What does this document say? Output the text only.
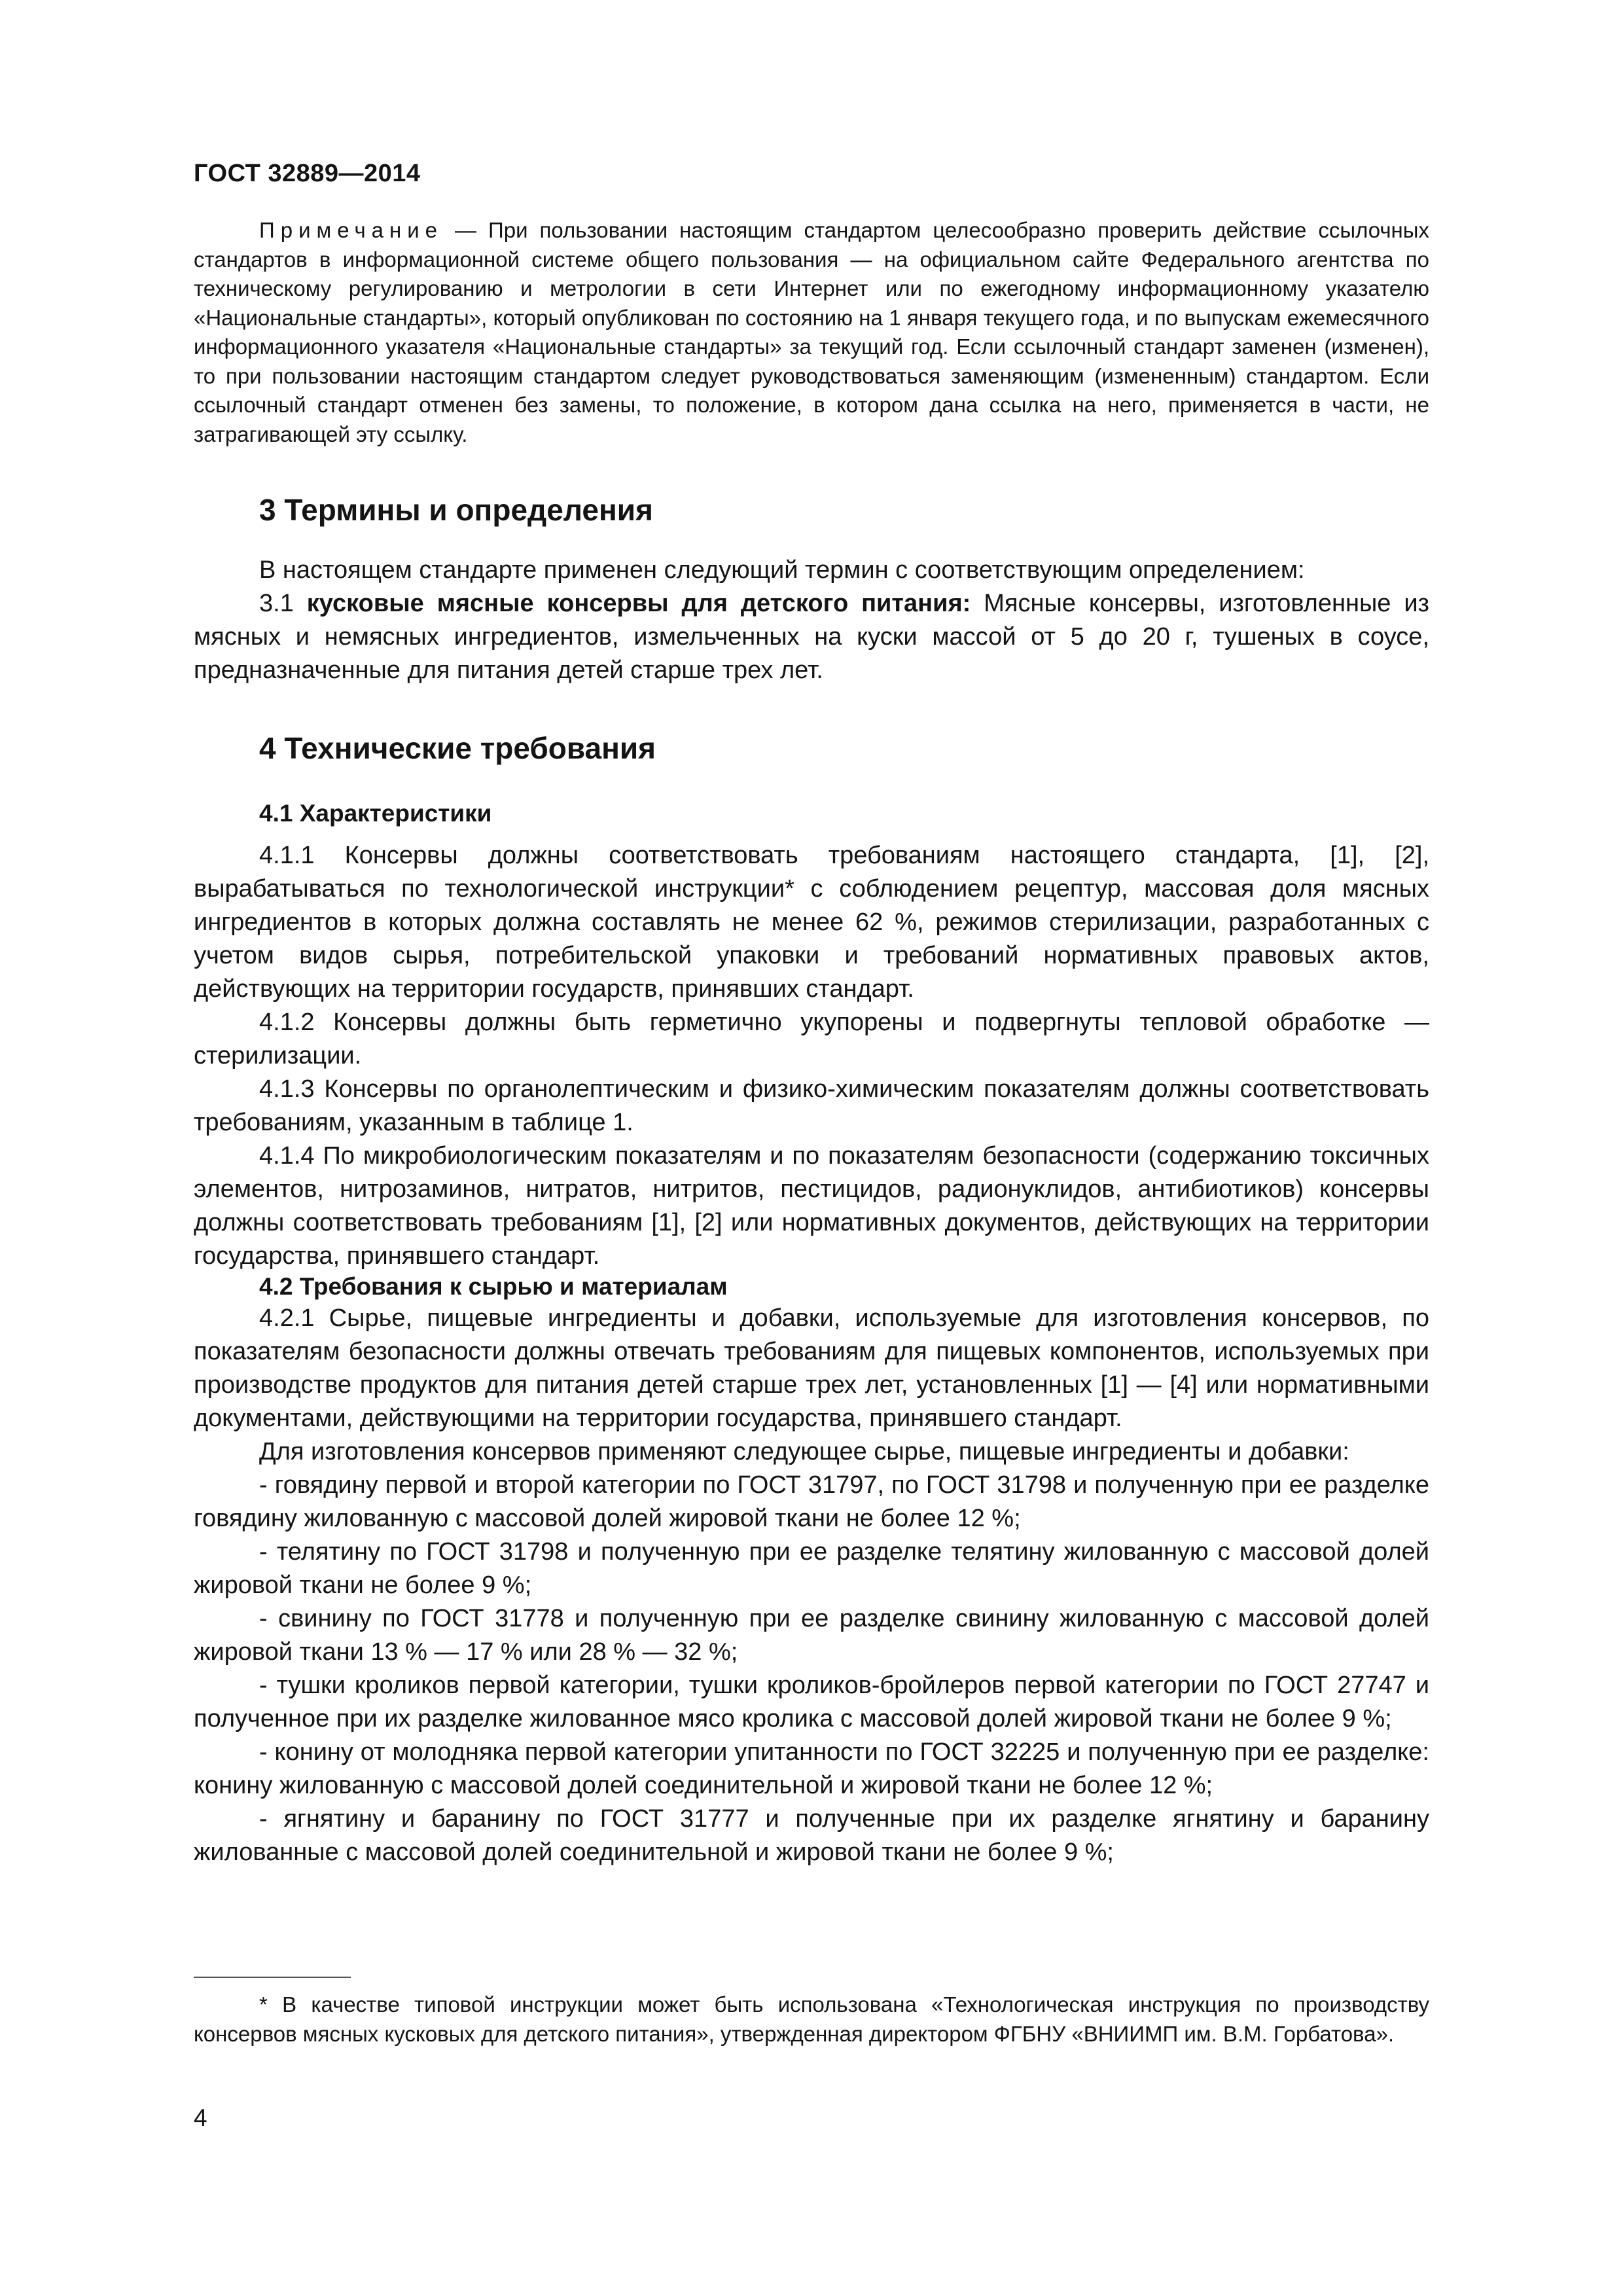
ГОСТ 32889—2014

Примечание — При пользовании настоящим стандартом целесообразно проверить действие ссылочных стандартов в информационной системе общего пользования — на официальном сайте Федерального агентства по техническому регулированию и метрологии в сети Интернет или по ежегодному информационному указателю «Национальные стандарты», который опубликован по состоянию на 1 января текущего года, и по выпускам ежемесячного информационного указателя «Национальные стандарты» за текущий год. Если ссылочный стандарт заменен (изменен), то при пользовании настоящим стандартом следует руководствоваться заменяющим (измененным) стандартом. Если ссылочный стандарт отменен без замены, то положение, в котором дана ссылка на него, применяется в части, не затрагивающей эту ссылку.

3 Термины и определения

В настоящем стандарте применен следующий термин с соответствующим определением:

3.1 кусковые мясные консервы для детского питания: Мясные консервы, изготовленные из мясных и немясных ингредиентов, измельченных на куски массой от 5 до 20 г, тушеных в соусе, предназначенные для питания детей старше трех лет.

4 Технические требования
4.1 Характеристики

4.1.1 Консервы должны соответствовать требованиям настоящего стандарта, [1], [2], вырабатываться по технологической инструкции* с соблюдением рецептур, массовая доля мясных ингредиентов в которых должна составлять не менее 62 %, режимов стерилизации, разработанных с учетом видов сырья, потребительской упаковки и требований нормативных правовых актов, действующих на территории государств, принявших стандарт.

4.1.2 Консервы должны быть герметично укупорены и подвергнуты тепловой обработке — стерилизации.

4.1.3 Консервы по органолептическим и физико-химическим показателям должны соответствовать требованиям, указанным в таблице 1.

4.1.4 По микробиологическим показателям и по показателям безопасности (содержанию токсичных элементов, нитрозаминов, нитратов, нитритов, пестицидов, радионуклидов, антибиотиков) консервы должны соответствовать требованиям [1], [2] или нормативных документов, действующих на территории государства, принявшего стандарт.

4.2 Требования к сырью и материалам

4.2.1 Сырье, пищевые ингредиенты и добавки, используемые для изготовления консервов, по показателям безопасности должны отвечать требованиям для пищевых компонентов, используемых при производстве продуктов для питания детей старше трех лет, установленных [1] — [4] или нормативными документами, действующими на территории государства, принявшего стандарт.

Для изготовления консервов применяют следующее сырье, пищевые ингредиенты и добавки:

- говядину первой и второй категории по ГОСТ 31797, по ГОСТ 31798 и полученную при ее разделке говядину жилованную с массовой долей жировой ткани не более 12 %;

- телятину по ГОСТ 31798 и полученную при ее разделке телятину жилованную с массовой долей жировой ткани не более 9 %;

- свинину по ГОСТ 31778 и полученную при ее разделке свинину жилованную с массовой долей жировой ткани 13 % — 17 % или 28 % — 32 %;

- тушки кроликов первой категории, тушки кроликов-бройлеров первой категории по ГОСТ 27747 и полученное при их разделке жилованное мясо кролика с массовой долей жировой ткани не более 9 %;

- конину от молодняка первой категории упитанности по ГОСТ 32225 и полученную при ее разделке: конину жилованную с массовой долей соединительной и жировой ткани не более 12 %;

- ягнятину и баранину по ГОСТ 31777 и полученные при их разделке ягнятину и баранину жилованные с массовой долей соединительной и жировой ткани не более 9 %;

* В качестве типовой инструкции может быть использована «Технологическая инструкция по производству консервов мясных кусковых для детского питания», утвержденная директором ФГБНУ «ВНИИМП им. В.М. Горбатова».

4
